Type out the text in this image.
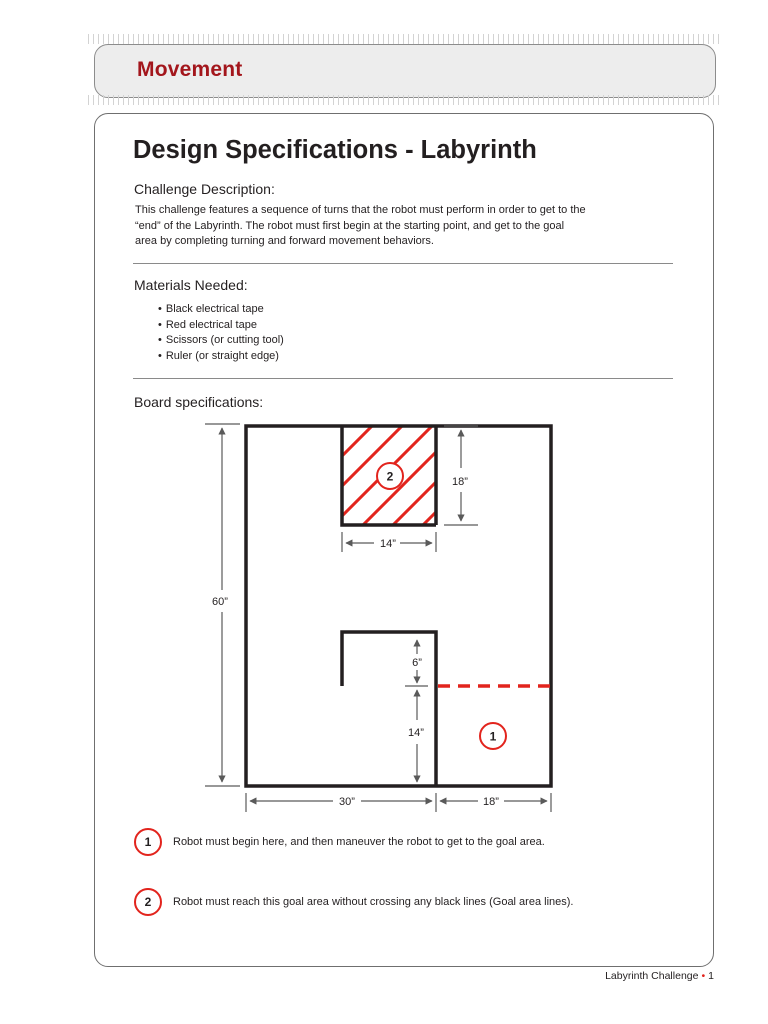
Movement
Design Specifications - Labyrinth
Challenge Description:
This challenge features a sequence of turns that the robot must perform in order to get to the
“end” of the Labyrinth. The robot must first begin at the starting point, and get to the goal
area by completing turning and forward movement behaviors.
Materials Needed:
• Black electrical tape
• Red electrical tape
• Scissors (or cutting tool)
• Ruler (or straight edge)
Board specifications:
2
1
60”
18”
14”
6”
14”
30”	18”
1	Robot must begin here, and then maneuver the robot to get to the goal area.
2	Robot must reach this goal area without crossing any black lines (Goal area lines).
Labyrinth Challenge • 1
